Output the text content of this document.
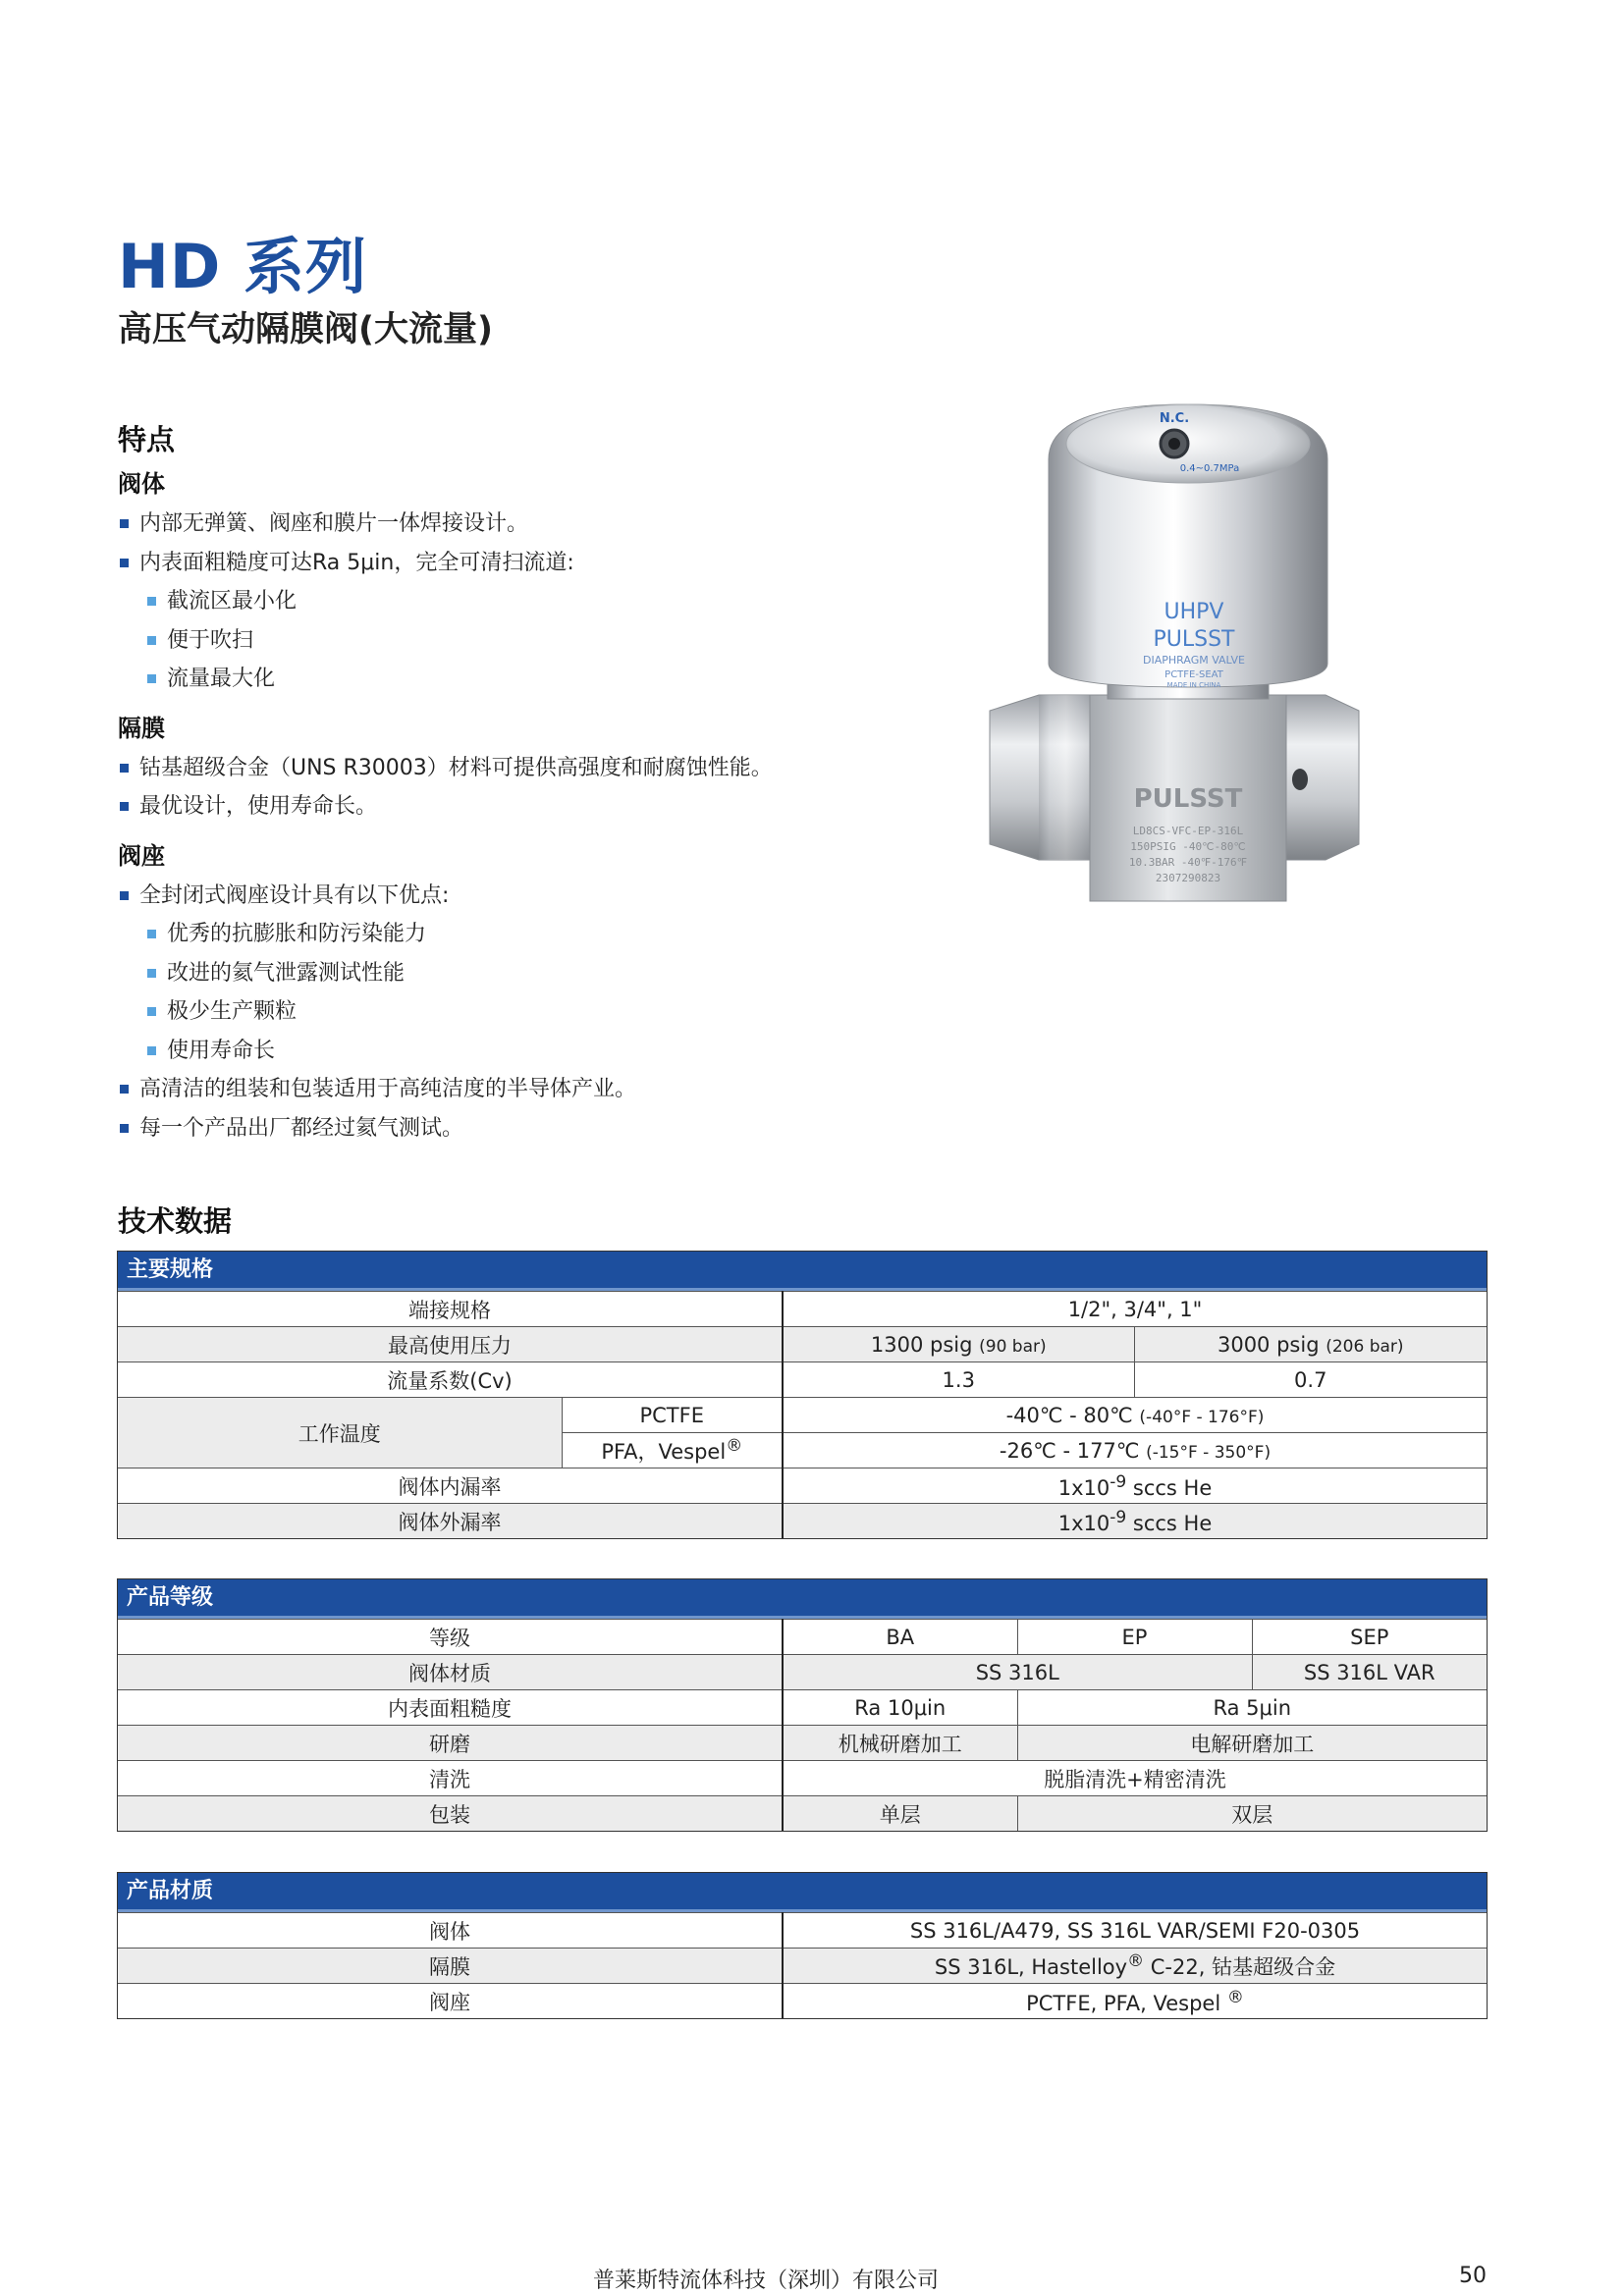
HD 系列
高压气动隔膜阀(大流量)
特点
阀体
内部无弹簧、阀座和膜片一体焊接设计。
内表面粗糙度可达Ra 5μin，完全可清扫流道:
截流区最小化
便于吹扫
流量最大化
隔膜
钴基超级合金（UNS R30003）材料可提供高强度和耐腐蚀性能。
最优设计，使用寿命长。
阀座
全封闭式阀座设计具有以下优点:
优秀的抗膨胀和防污染能力
改进的氦气泄露测试性能
极少生产颗粒
使用寿命长
高清洁的组装和包装适用于高纯洁度的半导体产业。
每一个产品出厂都经过氦气测试。
PULSST
LD8CS-VFC-EP-316L
150PSIG -40℃-80℃
10.3BAR -40℉-176℉
2307290823
N.C.
0.4~0.7MPa
UHPV
PULSST
DIAPHRAGM VALVE
PCTFE-SEAT
MADE IN CHINA
技术数据
主要规格
端接规格		1/2", 3/4", 1"	
最高使用压力		1300 psig (90 bar)	3000 psig (206 bar)
流量系数(Cv)		1.3	0.7
工作温度	PCTFE	-40℃ - 80℃ (-40°F - 176°F)	
	PFA，Vespel®	-26℃ - 177℃ (-15°F - 350°F)	
阀体内漏率		$1x10^{-9}$ sccs He	
阀体外漏率		$1x10^{-9}$ sccs He	
产品等级
等级	BA	EP	SEP
阀体材质	SS 316L		SS 316L VAR
内表面粗糙度	Ra 10μin	Ra 5μin	
研磨	机械研磨加工	电解研磨加工	
清洗	脱脂清洗+精密清洗		
包装	单层	双层	
产品材质
阀体	SS 316L/A479, SS 316L VAR/SEMI F20-0305
隔膜	SS 316L, Hastelloy® C-22, 钴基超级合金
阀座	PCTFE, PFA, Vespel ®
普莱斯特流体科技（深圳）有限公司	50
